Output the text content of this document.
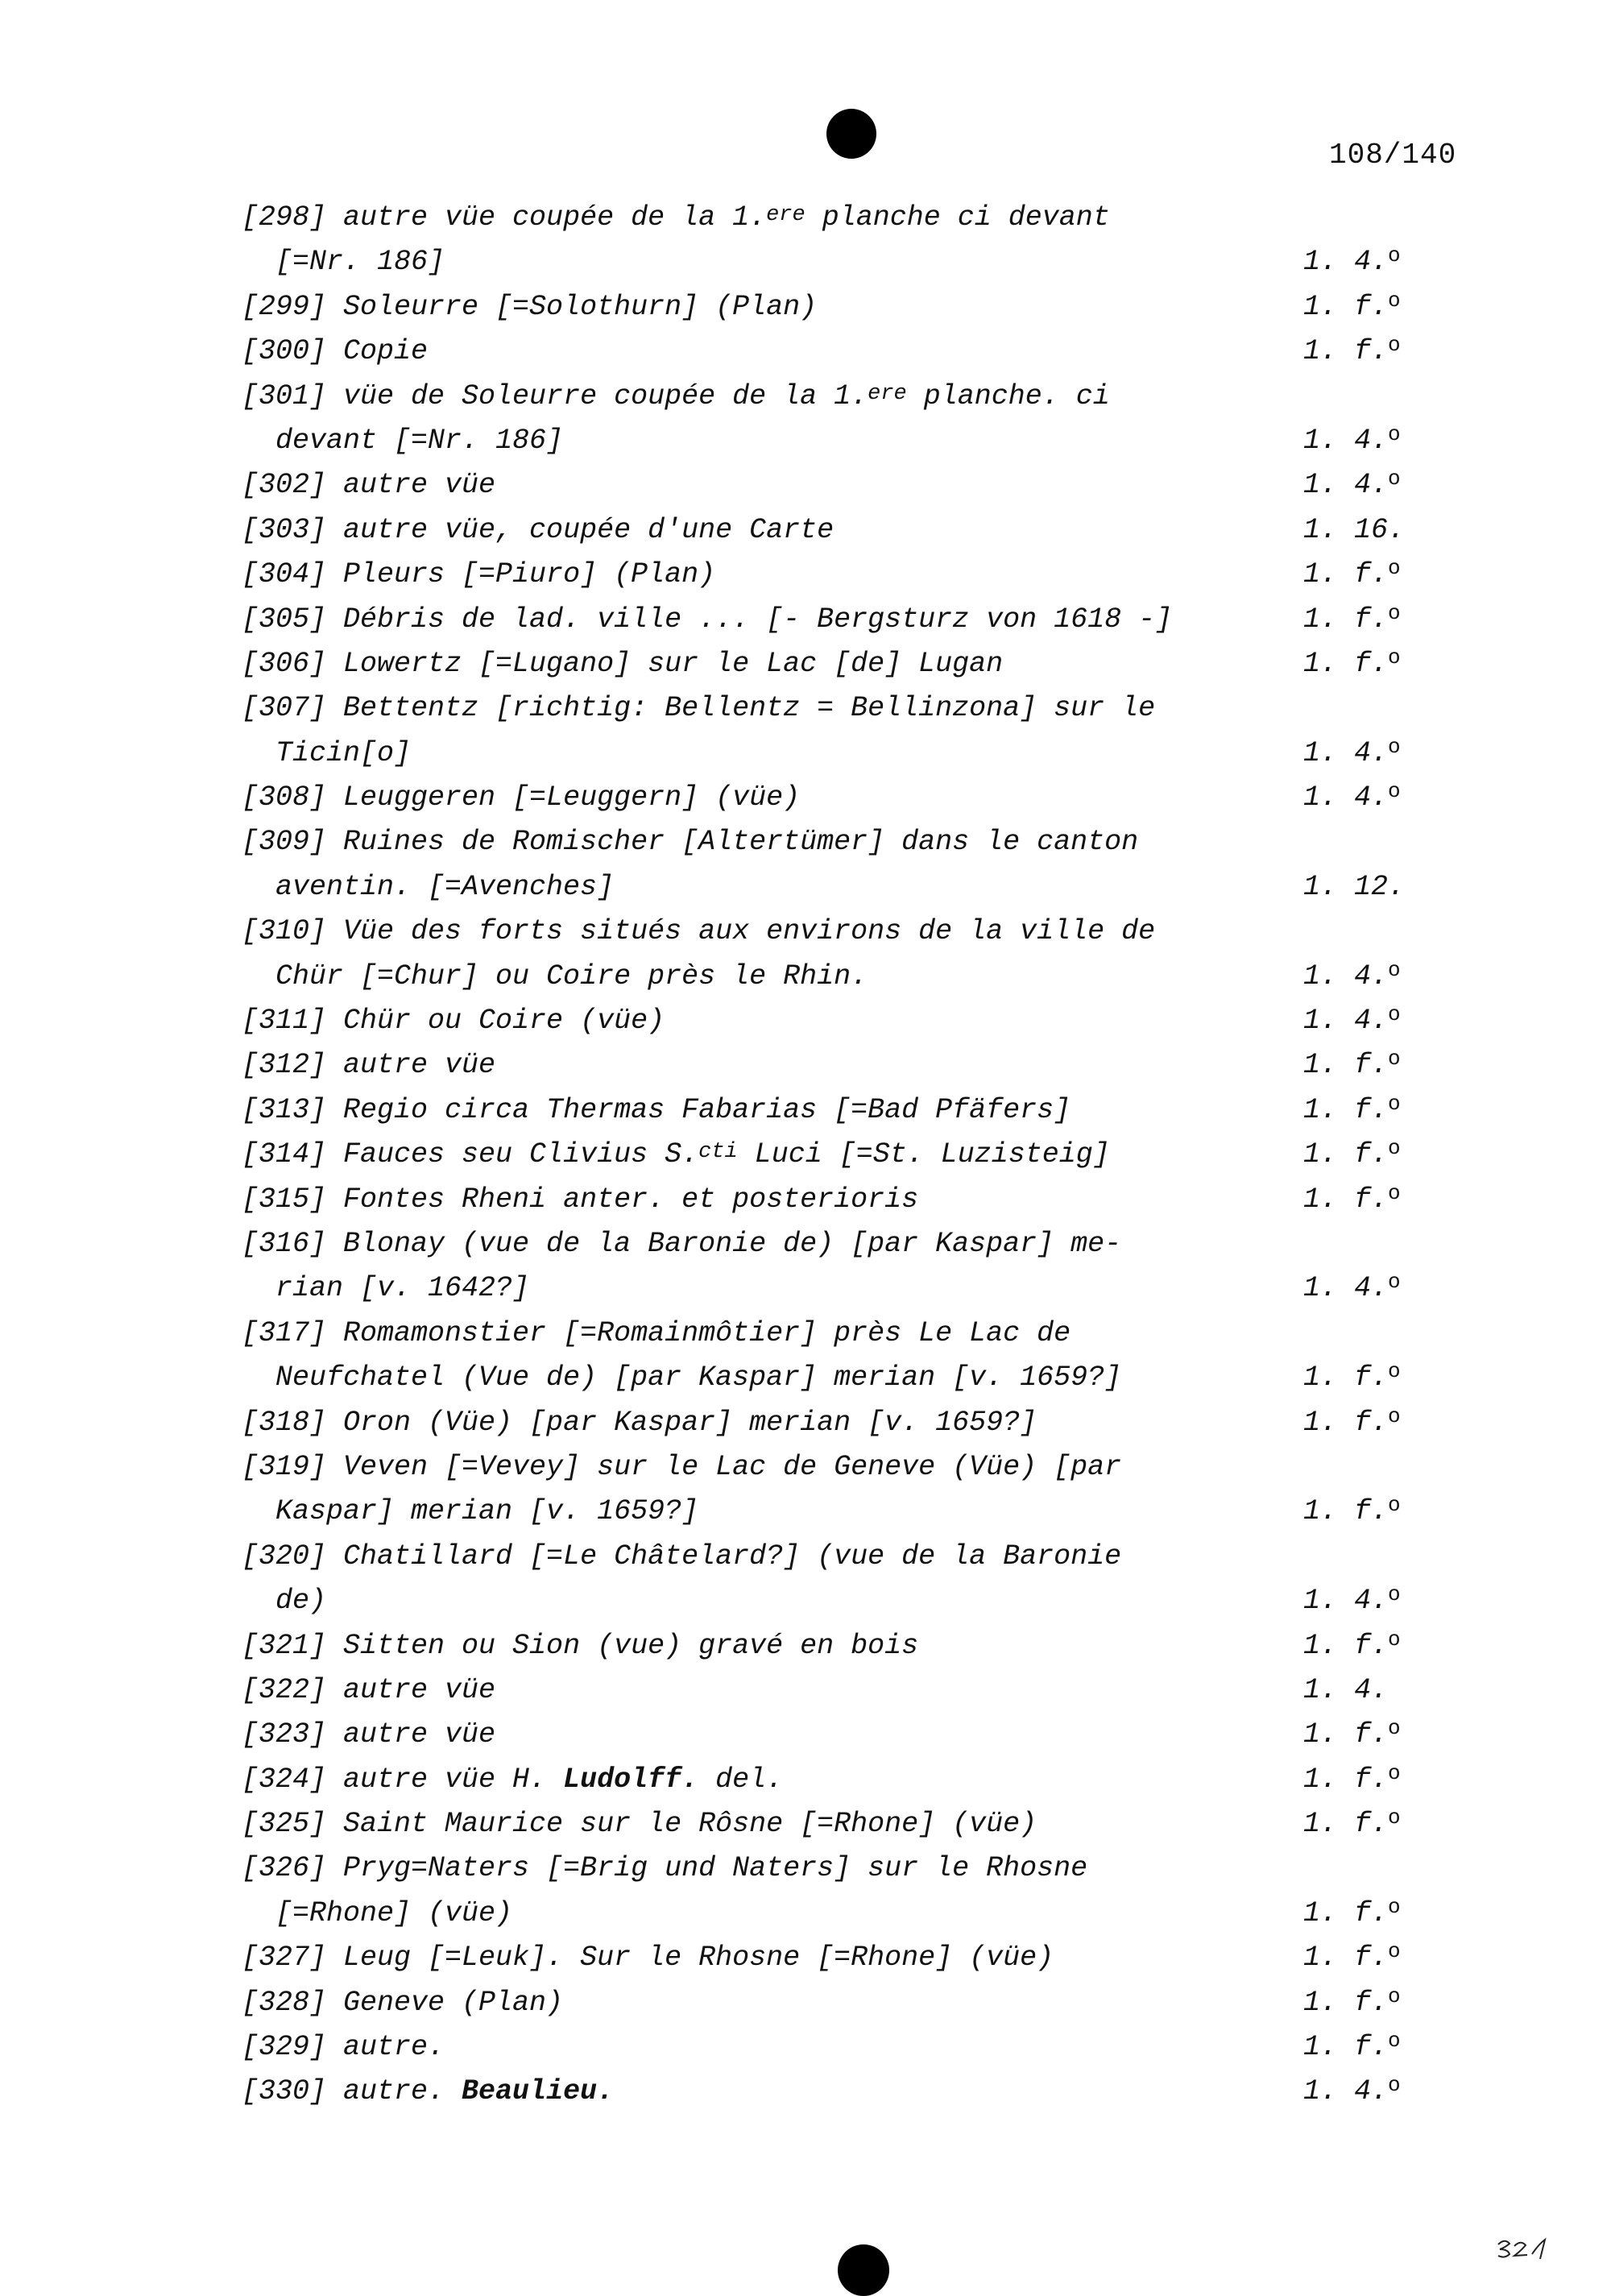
108/140
[298] autre vüe coupée de la 1.$^{ere}$ planche ci devant
[=Nr. 186]	1. 4.$^o$
[299] Soleurre [=Solothurn] (Plan)	1. f.$^o$
[300] Copie	1. f.$^o$
[301] vüe de Soleurre coupée de la 1.$^{ere}$ planche. ci
devant [=Nr. 186]	1. 4.$^o$
[302] autre vüe	1. 4.$^o$
[303] autre vüe, coupée d'une Carte	1. 16.
[304] Pleurs [=Piuro] (Plan)	1. f.$^o$
[305] Débris de lad. ville ... [- Bergsturz von 1618 -]	1. f.$^o$
[306] Lowertz [=Lugano] sur le Lac [de] Lugan	1. f.$^o$
[307] Bettentz [richtig: Bellentz = Bellinzona] sur le
Ticin[o]	1. 4.$^o$
[308] Leuggeren [=Leuggern] (vüe)	1. 4.$^o$
[309] Ruines de Romischer [Altertümer] dans le canton
aventin. [=Avenches]	1. 12.
[310] Vüe des forts situés aux environs de la ville de
Chür [=Chur] ou Coire près le Rhin.	1. 4.$^o$
[311] Chür ou Coire (vüe)	1. 4.$^o$
[312] autre vüe	1. f.$^o$
[313] Regio circa Thermas Fabarias [=Bad Pfäfers]	1. f.$^o$
[314] Fauces seu Clivius S.$^{cti}$ Luci [=St. Luzisteig]	1. f.$^o$
[315] Fontes Rheni anter. et posterioris	1. f.$^o$
[316] Blonay (vue de la Baronie de) [par Kaspar] me-
rian [v. 1642?]	1. 4.$^o$
[317] Romamonstier [=Romainmôtier] près Le Lac de
Neufchatel (Vue de) [par Kaspar] merian [v. 1659?]	1. f.$^o$
[318] Oron (Vüe) [par Kaspar] merian [v. 1659?]	1. f.$^o$
[319] Veven [=Vevey] sur le Lac de Geneve (Vüe) [par
Kaspar] merian [v. 1659?]	1. f.$^o$
[320] Chatillard [=Le Châtelard?] (vue de la Baronie
de)	1. 4.$^o$
[321] Sitten ou Sion (vue) gravé en bois	1. f.$^o$
[322] autre vüe	1. 4.
[323] autre vüe	1. f.$^o$
[324] autre vüe H. Ludolff. del.	1. f.$^o$
[325] Saint Maurice sur le Rôsne [=Rhone] (vüe)	1. f.$^o$
[326] Pryg=Naters [=Brig und Naters] sur le Rhosne
[=Rhone] (vüe)	1. f.$^o$
[327] Leug [=Leuk]. Sur le Rhosne [=Rhone] (vüe)	1. f.$^o$
[328] Geneve (Plan)	1. f.$^o$
[329] autre.	1. f.$^o$
[330] autre. Beaulieu.	1. 4.$^o$
